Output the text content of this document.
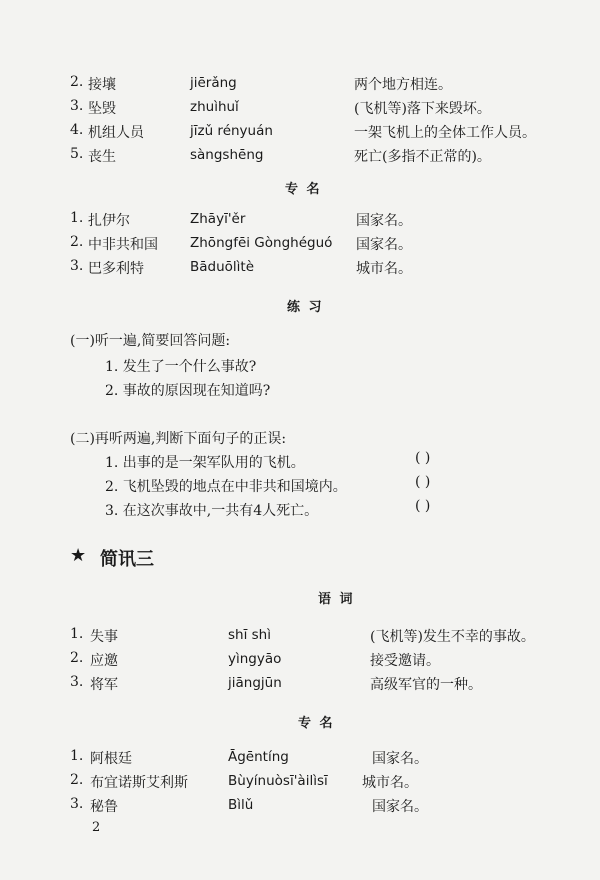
2. 接壤	jiērǎng	两个地方相连。
3. 坠毁	zhuìhuǐ	(飞机等)落下来毁坏。
4. 机组人员	jīzǔ rényuán	一架飞机上的全体工作人员。
5. 丧生	sàngshēng	死亡(多指不正常的)。
专 名
1. 扎伊尔	Zhāyī'ěr	国家名。
2. 中非共和国 Zhōngfēi Gònghéguó 国家名。
3. 巴多利特	Bāduōlìtè	城市名。
练 习
(一)听一遍,简要回答问题:
1. 发生了一个什么事故?
2. 事故的原因现在知道吗?
(二)再听两遍,判断下面句子的正误:
1. 出事的是一架军队用的飞机。	( )
2. 飞机坠毁的地点在中非共和国境内。	( )
3. 在这次事故中,一共有4人死亡。	( )
★ 简讯三
语 词
1. 失事	shī shì	(飞机等)发生不幸的事故。
2. 应邀	yìngyāo	接受邀请。
3. 将军	jiāngjūn	高级军官的一种。
专 名
1. 阿根廷	Āgēntíng	国家名。
2. 布宜诺斯艾利斯	Bùyínuòsī'àilìsī 城市名。
3. 秘鲁	Bìlǔ	国家名。
2
